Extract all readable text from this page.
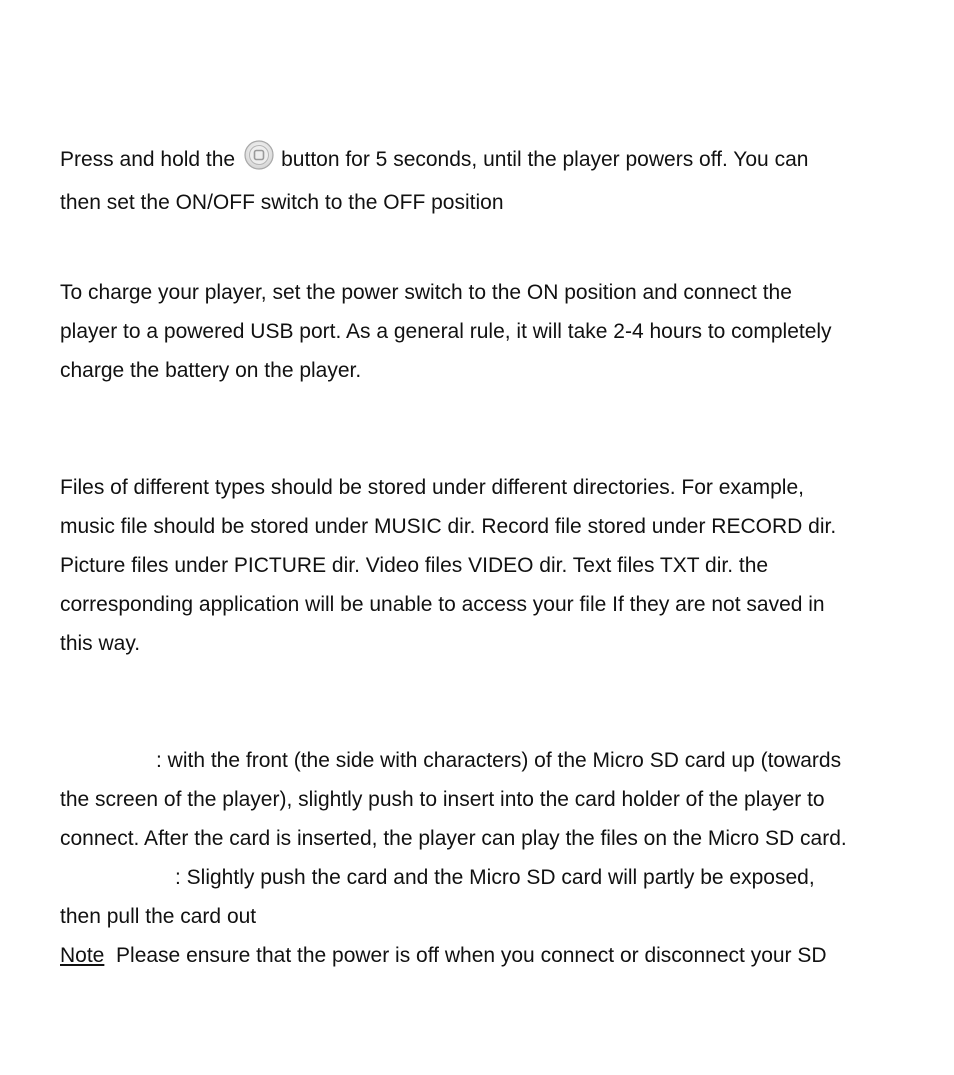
Press and hold the button for 5 seconds, until the player powers off. You can
then set the ON/OFF switch to the OFF position
To charge your player, set the power switch to the ON position and connect the
player to a powered USB port. As a general rule, it will take 2-4 hours to completely
charge the battery on the player.
Files of different types should be stored under different directories. For example,
music file should be stored under MUSIC dir. Record file stored under RECORD dir.
Picture files under PICTURE dir. Video files VIDEO dir. Text files TXT dir. the
corresponding application will be unable to access your file If they are not saved in
this way.
: with the front (the side with characters) of the Micro SD card up (towards
the screen of the player), slightly push to insert into the card holder of the player to
connect. After the card is inserted, the player can play the files on the Micro SD card.
: Slightly push the card and the Micro SD card will partly be exposed,
then pull the card out
Note Please ensure that the power is off when you connect or disconnect your SD
